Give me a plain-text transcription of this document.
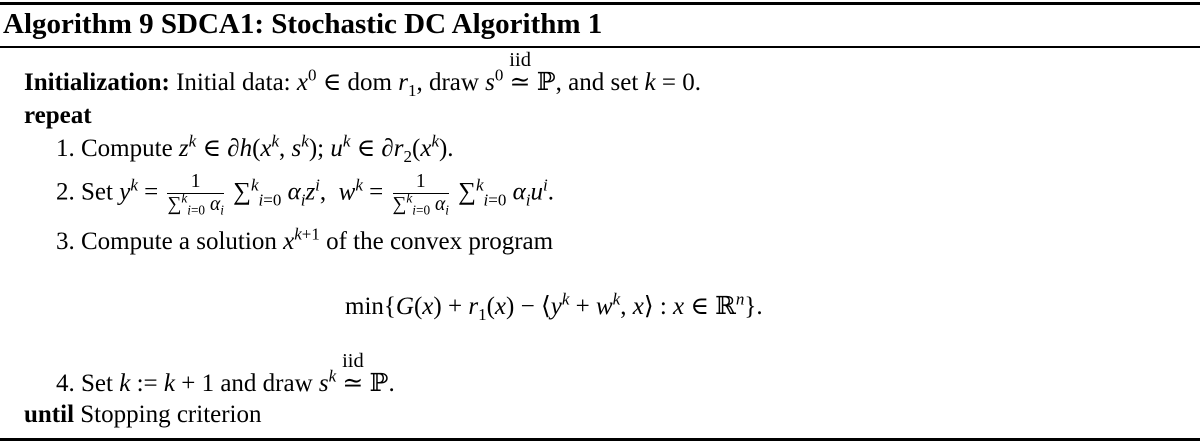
Algorithm 9 SDCA1: Stochastic DC Algorithm 1
Initialization: Initial data: $x^0$ ∈ dom $r_1$, draw $s^0$
iid
≃ ℙ, and set k = 0.
repeat
1. Compute $z^k$ ∈ $\partial h(x^k$, $s^k$); $u^k$ ∈ $\partial r_2(x^k)$.
2. Set $y^k = \frac{1}{\sum^k_{i=0} \alpha_i} \sum^k_{i=0}$ $\alpha_iz^i$,  $w^k = \frac{1}{\sum^k_{i=0} \alpha_i} \sum^k_{i=0}$ $\alpha_iu^i$.
3. Compute a solution $x^{k+1}$ of the convex program
$\min\{G(x) + r_1(x)$ − $⟨y^k + w^k$, x⟩ : x ∈ ℝ$^n$}.
4. Set k := k + 1 and draw $s^k$
iid
≃ ℙ.
until Stopping criterion
